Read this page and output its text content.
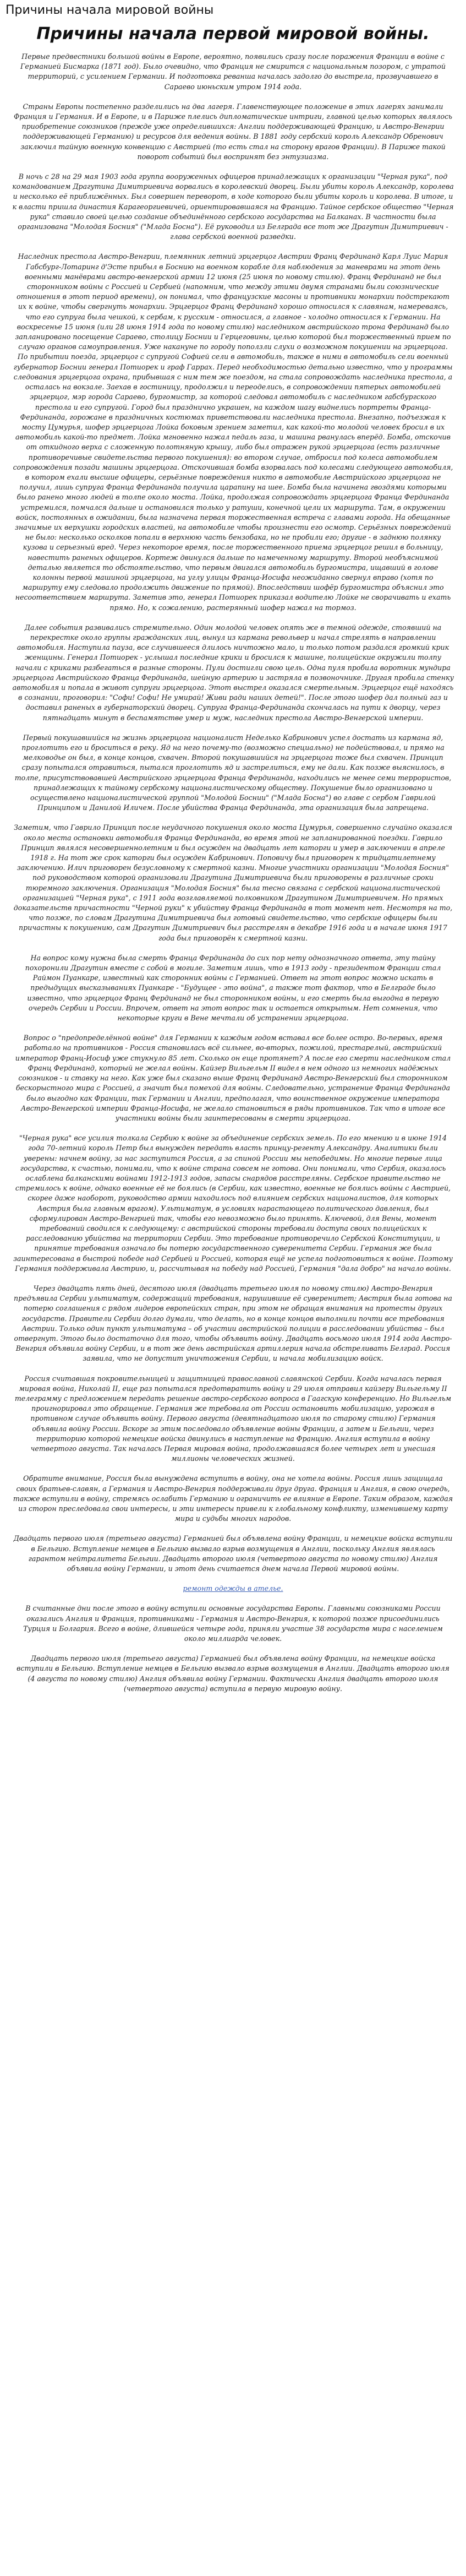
Причины начала мировой войны
Причины начала первой мировой войны.

Первые предвестники большой войны в Европе, вероятно, появились сразу после поражения Франции в войне с Германией Бисмарка (1871 год). Было очевидно, что Франция не смирится с национальным позором, с утратой территорий, с усилением Германии. И подготовка реванша началась задолго до выстрела, прозвучавшего в Сараево июньским утром 1914 года.

Страны Европы постепенно разделились на два лагеря. Главенствующее положение в этих лагерях занимали Франция и Германия. И в Европе, и в Париже плелись дипломатические интриги, главной целью которых являлось приобретение союзников (прежде уже определившихся: Англии поддерживающей Францию, и Австро-Венгрии поддерживающей Германию) и ресурсов для ведения войны. В 1881 году сербский король Александр Обренович заключил тайную военную конвенцию с Австрией (то есть стал на сторону врагов Франции). В Париже такой поворот событий был воспринят без энтузиазма.

В ночь с 28 на 29 мая 1903 года группа вооруженных офицеров принадлежащих к организации "Черная рука", под командованием Драгутина Димитриевича ворвались в королевский дворец. Были убиты король Александр, королева и несколько её приближённых. Был совершен переворот, в ходе которого были убиты король и королева. В итоге, и к власти пришла династия Карагеоргиевичей, ориентировавшаяся на Францию. Тайное сербское общество "Черная рука" ставило своей целью создание объединённого сербского государства на Балканах. В частности была организована "Молодая Босния" ("Млада Босна"). Её руководил из Белграда все тот же Драгутин Димитриевич - глава сербской военной разведки.

Наследник престола Австро-Венгрии, племянник летний эрцгерцог Австрии Франц Фердинанд Карл Луис Мария Габсбург-Лотаринг д'Эсте прибыл в Боснию на военном корабле для наблюдения за маневрами на этот день военными манёврами австро-венгерской армии 12 июня (25 июня по новому стилю). Франц Фердинанд не был сторонником войны с Россией и Сербией (напомним, что между этими двумя странами были союзнические отношения в этот период времени), он понимал, что французские масоны и противники монархии подстрекают их к войне, чтобы свергнуть монархии. Эрцгерцог Франц Фердинанд хорошо относился к славянам, намереваясь, что его супруга была чешкой, к сербам, к русским - относился, а главное - холодно относился к Германии. На воскресенье 15 июня (или 28 июня 1914 года по новому стилю) наследником австрийского трона Фердинанд было запланировано посещение Сараево, столицу Боснии и Герцеговины, целью которой был торжественный прием по случаю органов самоуправления. Уже накануне по городу поползли слухи о возможном покушении на эрцгерцога. По прибытии поезда, эрцгерцог с супругой Софией сели в автомобиль, также в ними в автомобиль сели военный губернатор Боснии генерал Потиорек и граф Гаррах. Перед необходимостью детально известно, что у программы следования эрцгерцога охрана, прибывшая с ним тем же поездом, на стала сопровождать наследника престола, а осталась на вокзале. Заехав в гостиницу, продолжил и переоделись, в сопровождении пятерых автомобилей эрцгерцог, мэр города Сараево, бургомистр, за которой следовал автомобиль с наследником габсбургского престола и его супругой. Город был празднично украшен, на каждом шагу виднелись портреты Франца-Фердинанда, горожане в праздничных костюмах приветствовали наследника престола. Внезапно, подъезжая к мосту Цумурья, шофер эрцгерцога Лойка боковым зрением заметил, как какой-то молодой человек бросил в их автомобиль какой-то предмет. Лойка мгновенно нажал педаль газа, и машина рванулась вперёд. Бомба, отскочив от откидного верха с сложенную полотняную крышу, либо был отражен рукой эрцгерцога (есть различные противоречивые свидетельства первого покушения): во втором случае, отбросил под колеса автомобилем сопровождения позади машины эрцгерцога. Отскочившая бомба взорвалась под колесами следующего автомобиля, в котором ехали высшие офицеры, серьёзные повреждения никто в автомобиле Австрийского эрцгерцога не получил, лишь супруга Франца Фердинанда получила царапину на шее. Бомба была начинена гвоздями которыми было ранено много людей в толпе около моста. Лойка, продолжая сопровождать эрцгерцога Франца Фердинанда устремился, помчался дальше и остановился только у ратуши, конечной цели их маршрута. Там, в окружении войск, постоянных в ожидании, была назначена первая торжественная встреча с главами города. На обещанные значимые их верхушки городских властей, на автомобиле чтобы произнести его осмотр. Серьёзных повреждений не было: несколько осколков попали в верхнюю часть бензобака, но не пробили его; другие - в заднюю полянку кузова и серьезный вред. Через некоторое время, после торжественного приема эрцгерцог решил в больницу, навестить раненых офицеров. Кортеж двинулся дальше по намеченному маршруту. Второй необъяснимой деталью является то обстоятельство, что первым двигался автомобиль бургомистра, ищавший в голове колонны первой машиной эрцгерцога, на углу улицы Франца-Иосифа неожиданно свернул вправо (хотя по маршруту ему следовало продолжить движение по прямой). Впоследствии шофёр бургомистра объяснил это несоответствием маршрута. Заметив это, генерал Потиорек приказал водителю Лойке не сворачивать и ехать прямо. Но, к сожалению, растерянный шофер нажал на тормоз.

Далее события развивались стремительно. Один молодой человек опять же в темной одежде, стоявший на перекрестке около группы гражданских лиц, вынул из кармана револьвер и начал стрелять в направлении автомобиля. Наступила пауза, все случившееся длилось ничтожно мало, и только потом раздался громкий крик женщины. Генерал Потиорек - услышал последние крики и бросился к машине, полицейские окружили толпу начали с криками разбегаться в разные стороны. Пули достигли свою цель. Одна пуля пробила воротник мундира эрцгерцога Австрийского Франца Фердинанда, шейную артерию и застряла в позвоночнике. Другая пробила стенку автомобиля и попала в живот супруги эрцгерцога. Этот выстрел оказался смертельным. Эрцгерцог ещё находясь в сознании, проговорил: "Софи! Софи! Не умирай! Живи ради наших детей!". После этого шофер дал полный газ и доставил раненых в губернаторский дворец. Супруга Франца-Фердинанда скончалась на пути к дворцу, через пятнадцать минут в беспамятстве умер и муж, наследник престола Австро-Венгерской империи.

Первый покушавшийся на жизнь эрцгерцога националист Неделько Кабринович успел достать из кармана яд, проглотить его и броситься в реку. Яд на него почему-то (возможно специально) не подействовал, и прямо на мелководье он был, в конце концов, схвачен. Второй покушавшийся на эрцгерцога тоже был схвачен. Принцип сразу попытался отравиться, пытался проглотить яд и застрелиться, ему не дали. Как позже выяснилось, в толпе, присутствовавшей Австрийского эрцгерцога Франца Фердинанда, находились не менее семи террористов, принадлежащих к тайному сербскому националистическому обществу. Покушение было организовано и осуществлено националистической группой "Молодой Боснии" ("Млада Босна") во главе с сербом Гаврилой Принципом и Данилой Иличем. После убийства Франца Фердинанда, эта организация была запрещена.

Заметим, что Гаврило Принцип после неудачного покушения около моста Цумурья, совершенно случайно оказался около места остановки автомобиля Франца Фердинанда, во время этой не запланированной поездки. Гаврило Принцип являлся несовершеннолетним и был осужден на двадцать лет каторги и умер в заключении в апреле 1918 г. На тот же срок каторги был осужден Кабринович. Поповичу был приговорен к тридцатилетнему заключению. Илич приговорен безусловному к смертной казни. Многие участники организации "Молодая Босния" под руководством которой организовали Драгутина Димитриевича были приговорены в различные сроки тюремного заключения. Организация "Молодая Босния" была тесно связана с сербской националистической организацией "Черная рука", с 1911 года возглавляемой полковником Драгутином Димитриевичем. Но прямых доказательств причастности "Черной руки" к убийству Франца Фердинанда в тот момент нет. Несмотря на то, что позже, по словам Драгутина Димитриевича был готовый свидетельство, что сербские офицеры были причастны к покушению, сам Драгутин Димитриевич был расстрелян в декабре 1916 года и в начале июня 1917 года был приговорён к смертной казни.

На вопрос кому нужна была смерть Франца Фердинанда до сих пор нету однозначного ответа, эту тайну похоронили Драгутин вместе с собой в могиле. Заметим лишь, что в 1913 году - президентом Франции стал Раймон Пуанкаре, известный как сторонник войны с Германией. Ответ на этот вопрос можно искать в предыдущих высказываниях Пуанкаре - "Будущее - это война", а также тот фактор, что в Белграде было известно, что эрцгерцог Франц Фердинанд не был сторонником войны, и его смерть была выгодна в первую очередь Сербии и России. Впрочем, ответ на этот вопрос так и остается открытым. Нет сомнения, что некоторые круги в Вене мечтали об устранении эрцгерцога.

Вопрос о "предопределённой войне" для Германии к каждым годом вставал все более остро. Во-первых, время работало на противников - Россия становилась всё сильнее, во-вторых, пожилой, престарелый, австрийский император Франц-Иосиф уже стукнуло 85 лет. Сколько он еще протянет? А после его смерти наследником стал Франц Фердинанд, который не желал войны. Кайзер Вильгельм II видел в нем одного из немногих надёжных союзников - и ставку на него. Как уже был сказано выше Франц Фердинанд Австро-Венгерский был сторонником бескорыстного мира с Россией, а значит был помехой для войны. Следовательно, устранение Франца Фердинанда было выгодно как Франции, так Германии и Англии, предполагая, что воинственное окружение императора Австро-Венгерской империи Франца-Иосифа, не желало становиться в ряды противников. Так что в итоге все участники войны были заинтересованы в смерти эрцгерцога.

"Черная рука" все усилия толкала Сербию к войне за объединение сербских земель. По его мнению и в июне 1914 года 70-летний король Петр был вынужден передать власть принцу-регенту Александру. Аналитики были уверены: начнем войну, за нас заступится Россия, а за спиной России мы непобедимы. Но многие первые лица государства, к счастью, понимали, что к войне страна совсем не готова. Они понимали, что Сербия, оказалось ослаблена балканскими войнами 1912-1913 годов, запасы снарядов расстреляны. Сербское правительство не стремилось к войне, однако военные её не боялись (в Сербии, как известно, военные не боялись войны с Австрией, скорее даже наоборот, руководство армии находилось под влиянием сербских националистов, для которых Австрия была главным врагом). Ультиматум, в условиях нарастающего политического давления, был сформулирован Австро-Венгрией так, чтобы его невозможно было принять. Ключевой, для Вены, момент требований сводился к следующему: с австрийской стороны требовали доступа своих полицейских к расследованию убийства на территории Сербии. Это требование противоречило Сербской Конституции, и принятие требования означало бы потерю государственного суверенитета Сербии. Германия же была заинтересована в быстрой победе над Сербией и Россией, которая ещё не успела подготовиться к войне. Поэтому Германия поддерживала Австрию, и, рассчитывая на победу над Россией, Германия "дала добро" на начало войны.

Через двадцать пять дней, десятого июля (двадцать третьего июля по новому стилю) Австро-Венгрия предъявила Сербии ультиматум, содержащий требования, нарушившие её суверенитет; Австрия была готова на потерю соглашения с рядом лидеров европейских стран, при этом не обращая внимания на протесты других государств. Правители Сербии долго думали, что делать, но в конце концов выполнили почти все требования Австрии. Только один пункт ультиматума – об участии австрийской полиции в расследовании убийства – был отвергнут. Этого было достаточно для того, чтобы объявить войну. Двадцать восьмого июля 1914 года Австро-Венгрия объявила войну Сербии, и в тот же день австрийская артиллерия начала обстреливать Белград. Россия заявила, что не допустит уничтожения Сербии, и начала мобилизацию войск.

Россия считавшая покровительницей и защитницей православной славянской Сербии. Когда началась первая мировая война, Николай II, еще раз попытался предотвратить войну и 29 июля отправил кайзеру Вильгельму II телеграмму с предложением передать решение австро-сербского вопроса в Гаагскую конференцию. Но Вильгельм проигнорировал это обращение. Германия же требовала от России остановить мобилизацию, угрожая в противном случае объявить войну. Первого августа (девятнадцатого июля по старому стилю) Германия объявила войну России. Вскоре за этим последовало объявление войны Франции, а затем и Бельгии, через территорию которой немецкие войска двинулись в наступление на Францию. Англия вступила в войну четвертого августа. Так началась Первая мировая война, продолжавшаяся более четырех лет и унесшая миллионы человеческих жизней.

Обратите внимание, Россия была вынуждена вступить в войну, она не хотела войны. Россия лишь защищала своих братьев-славян, а Германия и Австро-Венгрия поддерживали друг друга. Франция и Англия, в свою очередь, также вступили в войну, стремясь ослабить Германию и ограничить ее влияние в Европе. Таким образом, каждая из сторон преследовала свои интересы, и эти интересы привели к глобальному конфликту, изменившему карту мира и судьбы многих народов.

Двадцать первого июля (третьего августа) Германией был объявлена войну Франции, и немецкие войска вступили в Бельгию. Вступление немцев в Бельгию вызвало взрыв возмущения в Англии, поскольку Англия являлась гарантом нейтралитета Бельгии. Двадцать второго июля (четвертого августа по новому стилю) Англия объявила войну Германии, и этот день считается днем начала Первой мировой войны.

ремонт одежды в ателье.

В считанные дни после этого в войну вступили основные государства Европы. Главными союзниками России оказались Англия и Франция, противниками - Германия и Австро-Венгрия, к которой позже присоединились Турция и Болгария. Всего в войне, длившейся четыре года, приняли участие 38 государств мира с населением около миллиарда человек.

Двадцать первого июля (третьего августа) Германией был объявлена войну Франции, на немецкие войска вступили в Бельгию. Вступление немцев в Бельгию вызвало взрыв возмущения в Англии. Двадцать второго июля (4 августа по новому стилю) Англия объявила войну Германии. Фактически Англия двадцать второго июля (четвертого августа) вступила в первую мировую войну.
